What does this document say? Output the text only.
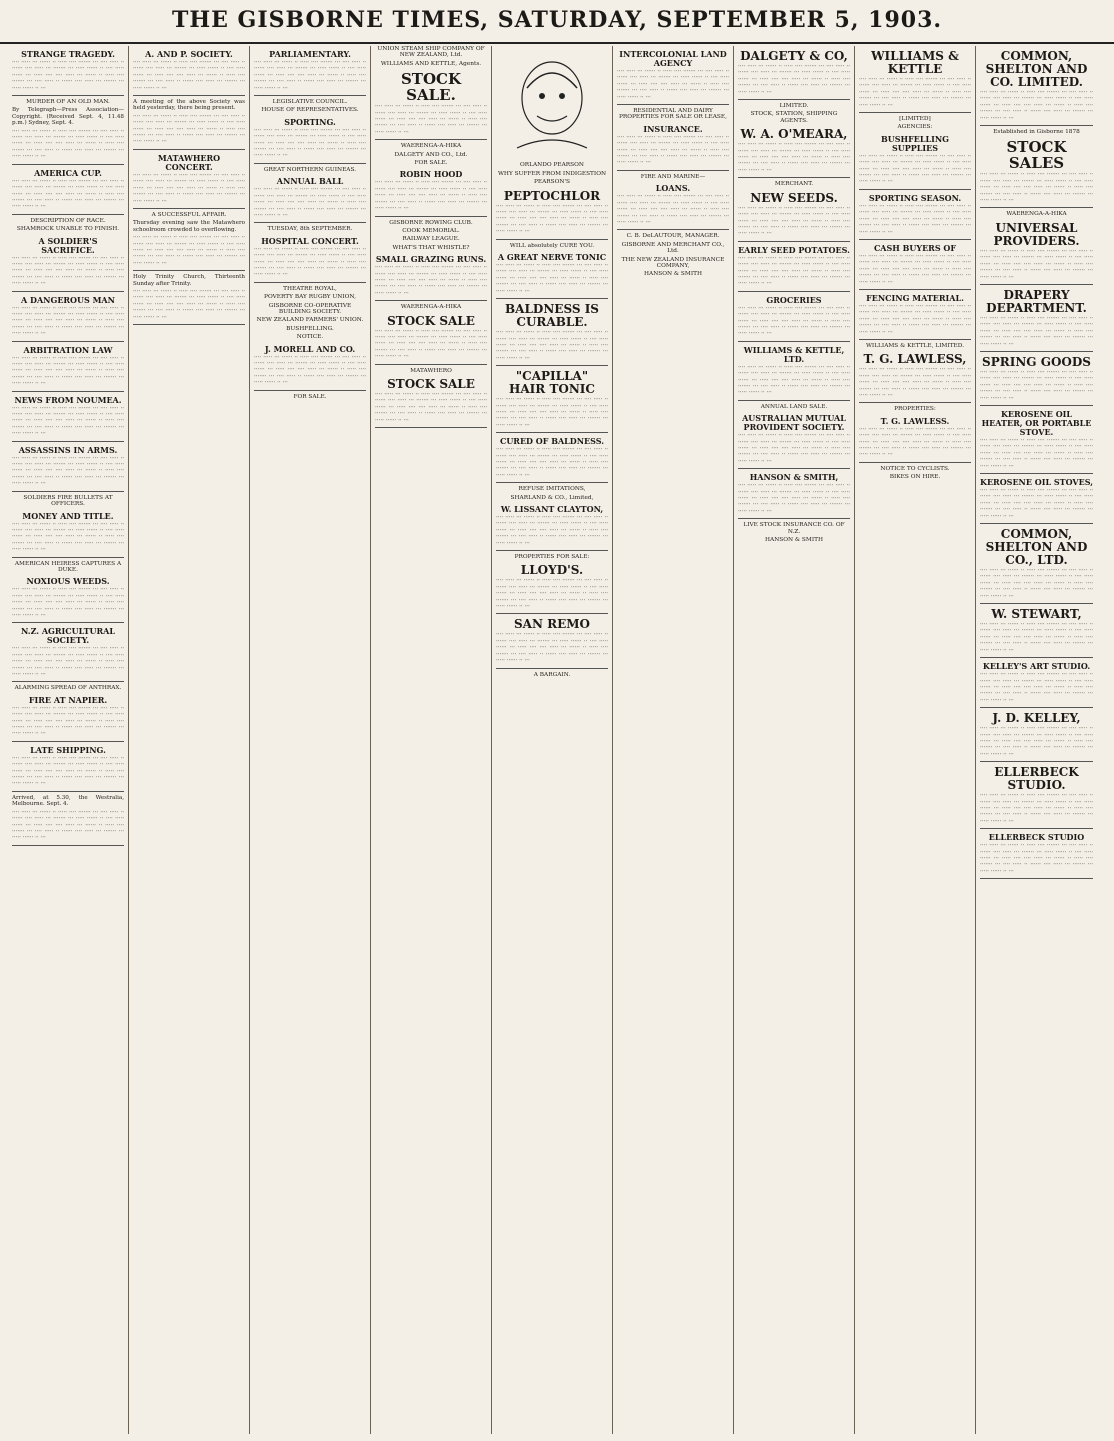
THE GISBORNE TIMES, SATURDAY, SEPTEMBER 5, 1903.
STRANGE TRAGEDY.
···· ····· ··· ······ ·· ····· ···· ······· ··· ···· ····· ·· ······ ···· ····· ··· ······· ··· ····· ······ ·· ···· ····· ······ ··· ····· ···· ···· ····· ··· ······ ·· ····· ···· ······· ··· ···· ····· ·· ······ ···· ····· ··· ······· ··· ····· ······ ·· ···
MURDER OF AN OLD MAN.
By Telegraph—Press Association—Copyright. (Received Sept. 4, 11.48 p.m.) Sydney, Sept. 4.
···· ····· ··· ······ ·· ····· ···· ······· ··· ···· ····· ·· ······ ···· ····· ··· ······· ··· ····· ······ ·· ···· ····· ······ ··· ····· ···· ···· ····· ··· ······ ·· ····· ···· ······· ··· ···· ····· ·· ······ ···· ····· ··· ······· ··· ····· ······ ·· ···
AMERICA CUP.
···· ····· ··· ······ ·· ····· ···· ······· ··· ···· ····· ·· ······ ···· ····· ··· ······· ··· ····· ······ ·· ···· ····· ······ ··· ····· ···· ···· ····· ··· ······ ·· ····· ···· ······· ··· ···· ····· ·· ······ ···· ····· ··· ······· ··· ····· ······ ·· ···
DESCRIPTION OF RACE.
SHAMROCK UNABLE TO FINISH.
A SOLDIER'S SACRIFICE.
···· ····· ··· ······ ·· ····· ···· ······· ··· ···· ····· ·· ······ ···· ····· ··· ······· ··· ····· ······ ·· ···· ····· ······ ··· ····· ···· ···· ····· ··· ······ ·· ····· ···· ······· ··· ···· ····· ·· ······ ···· ····· ··· ······· ··· ····· ······ ·· ···
A DANGEROUS MAN
···· ····· ··· ······ ·· ····· ···· ······· ··· ···· ····· ·· ······ ···· ····· ··· ······· ··· ····· ······ ·· ···· ····· ······ ··· ····· ···· ···· ····· ··· ······ ·· ····· ···· ······· ··· ···· ····· ·· ······ ···· ····· ··· ······· ··· ····· ······ ·· ···
ARBITRATION LAW
···· ····· ··· ······ ·· ····· ···· ······· ··· ···· ····· ·· ······ ···· ····· ··· ······· ··· ····· ······ ·· ···· ····· ······ ··· ····· ···· ···· ····· ··· ······ ·· ····· ···· ······· ··· ···· ····· ·· ······ ···· ····· ··· ······· ··· ····· ······ ·· ···
NEWS FROM NOUMEA.
···· ····· ··· ······ ·· ····· ···· ······· ··· ···· ····· ·· ······ ···· ····· ··· ······· ··· ····· ······ ·· ···· ····· ······ ··· ····· ···· ···· ····· ··· ······ ·· ····· ···· ······· ··· ···· ····· ·· ······ ···· ····· ··· ······· ··· ····· ······ ·· ···
ASSASSINS IN ARMS.
···· ····· ··· ······ ·· ····· ···· ······· ··· ···· ····· ·· ······ ···· ····· ··· ······· ··· ····· ······ ·· ···· ····· ······ ··· ····· ···· ···· ····· ··· ······ ·· ····· ···· ······· ··· ···· ····· ·· ······ ···· ····· ··· ······· ··· ····· ······ ·· ···
SOLDIERS FIRE BULLETS AT OFFICERS.
MONEY AND TITLE.
···· ····· ··· ······ ·· ····· ···· ······· ··· ···· ····· ·· ······ ···· ····· ··· ······· ··· ····· ······ ·· ···· ····· ······ ··· ····· ···· ···· ····· ··· ······ ·· ····· ···· ······· ··· ···· ····· ·· ······ ···· ····· ··· ······· ··· ····· ······ ·· ···
AMERICAN HEIRESS CAPTURES A DUKE.
NOXIOUS WEEDS.
···· ····· ··· ······ ·· ····· ···· ······· ··· ···· ····· ·· ······ ···· ····· ··· ······· ··· ····· ······ ·· ···· ····· ······ ··· ····· ···· ···· ····· ··· ······ ·· ····· ···· ······· ··· ···· ····· ·· ······ ···· ····· ··· ······· ··· ····· ······ ·· ···
N.Z. AGRICULTURAL SOCIETY.
···· ····· ··· ······ ·· ····· ···· ······· ··· ···· ····· ·· ······ ···· ····· ··· ······· ··· ····· ······ ·· ···· ····· ······ ··· ····· ···· ···· ····· ··· ······ ·· ····· ···· ······· ··· ···· ····· ·· ······ ···· ····· ··· ······· ··· ····· ······ ·· ···
ALARMING SPREAD OF ANTHRAX.
FIRE AT NAPIER.
···· ····· ··· ······ ·· ····· ···· ······· ··· ···· ····· ·· ······ ···· ····· ··· ······· ··· ····· ······ ·· ···· ····· ······ ··· ····· ···· ···· ····· ··· ······ ·· ····· ···· ······· ··· ···· ····· ·· ······ ···· ····· ··· ······· ··· ····· ······ ·· ···
LATE SHIPPING.
···· ····· ··· ······ ·· ····· ···· ······· ··· ···· ····· ·· ······ ···· ····· ··· ······· ··· ····· ······ ·· ···· ····· ······ ··· ····· ···· ···· ····· ··· ······ ·· ····· ···· ······· ··· ···· ····· ·· ······ ···· ····· ··· ······· ··· ····· ······ ·· ···
Arrived, at 5.30, the Westralia, Melbourne. Sept. 4.
···· ····· ··· ······ ·· ····· ···· ······· ··· ···· ····· ·· ······ ···· ····· ··· ······· ··· ····· ······ ·· ···· ····· ······ ··· ····· ···· ···· ····· ··· ······ ·· ····· ···· ······· ··· ···· ····· ·· ······ ···· ····· ··· ······· ··· ····· ······ ·· ···
A. AND P. SOCIETY.
···· ····· ··· ······ ·· ····· ···· ······· ··· ···· ····· ·· ······ ···· ····· ··· ······· ··· ····· ······ ·· ···· ····· ······ ··· ····· ···· ···· ····· ··· ······ ·· ····· ···· ······· ··· ···· ····· ·· ······ ···· ····· ··· ······· ··· ····· ······ ·· ···
A meeting of the above Society was held yesterday, there being present.
···· ····· ··· ······ ·· ····· ···· ······· ··· ···· ····· ·· ······ ···· ····· ··· ······· ··· ····· ······ ·· ···· ····· ······ ··· ····· ···· ···· ····· ··· ······ ·· ····· ···· ······· ··· ···· ····· ·· ······ ···· ····· ··· ······· ··· ····· ······ ·· ···
MATAWHERO CONCERT.
···· ····· ··· ······ ·· ····· ···· ······· ··· ···· ····· ·· ······ ···· ····· ··· ······· ··· ····· ······ ·· ···· ····· ······ ··· ····· ···· ···· ····· ··· ······ ·· ····· ···· ······· ··· ···· ····· ·· ······ ···· ····· ··· ······· ··· ····· ······ ·· ···
A SUCCESSFUL AFFAIR.
Thursday evening saw the Matawhero schoolroom crowded to overflowing.
···· ····· ··· ······ ·· ····· ···· ······· ··· ···· ····· ·· ······ ···· ····· ··· ······· ··· ····· ······ ·· ···· ····· ······ ··· ····· ···· ···· ····· ··· ······ ·· ····· ···· ······· ··· ···· ····· ·· ······ ···· ····· ··· ······· ··· ····· ······ ·· ···
Holy Trinity Church, Thirteenth Sunday after Trinity.
···· ····· ··· ······ ·· ····· ···· ······· ··· ···· ····· ·· ······ ···· ····· ··· ······· ··· ····· ······ ·· ···· ····· ······ ··· ····· ···· ···· ····· ··· ······ ·· ····· ···· ······· ··· ···· ····· ·· ······ ···· ····· ··· ······· ··· ····· ······ ·· ···
PARLIAMENTARY.
···· ····· ··· ······ ·· ····· ···· ······· ··· ···· ····· ·· ······ ···· ····· ··· ······· ··· ····· ······ ·· ···· ····· ······ ··· ····· ···· ···· ····· ··· ······ ·· ····· ···· ······· ··· ···· ····· ·· ······ ···· ····· ··· ······· ··· ····· ······ ·· ···
LEGISLATIVE COUNCIL.
HOUSE OF REPRESENTATIVES.
SPORTING.
···· ····· ··· ······ ·· ····· ···· ······· ··· ···· ····· ·· ······ ···· ····· ··· ······· ··· ····· ······ ·· ···· ····· ······ ··· ····· ···· ···· ····· ··· ······ ·· ····· ···· ······· ··· ···· ····· ·· ······ ···· ····· ··· ······· ··· ····· ······ ·· ···
GREAT NORTHERN GUINEAS.
ANNUAL BALL
···· ····· ··· ······ ·· ····· ···· ······· ··· ···· ····· ·· ······ ···· ····· ··· ······· ··· ····· ······ ·· ···· ····· ······ ··· ····· ···· ···· ····· ··· ······ ·· ····· ···· ······· ··· ···· ····· ·· ······ ···· ····· ··· ······· ··· ····· ······ ·· ···
TUESDAY, 8th SEPTEMBER.
HOSPITAL CONCERT.
···· ····· ··· ······ ·· ····· ···· ······· ··· ···· ····· ·· ······ ···· ····· ··· ······· ··· ····· ······ ·· ···· ····· ······ ··· ····· ···· ···· ····· ··· ······ ·· ····· ···· ······· ··· ···· ····· ·· ······ ···· ····· ··· ······· ··· ····· ······ ·· ···
THEATRE ROYAL,
POVERTY BAY RUGBY UNION,
GISBORNE CO-OPERATIVE BUILDING SOCIETY.
NEW ZEALAND FARMERS' UNION.
BUSHFELLING.
NOTICE.
J. MORELL AND CO.
···· ····· ··· ······ ·· ····· ···· ······· ··· ···· ····· ·· ······ ···· ····· ··· ······· ··· ····· ······ ·· ···· ····· ······ ··· ····· ···· ···· ····· ··· ······ ·· ····· ···· ······· ··· ···· ····· ·· ······ ···· ····· ··· ······· ··· ····· ······ ·· ···
FOR SALE.
UNION STEAM SHIP COMPANY OF NEW ZEALAND, Ltd.
WILLIAMS AND KETTLE, Agents.
STOCK SALE.
···· ····· ··· ······ ·· ····· ···· ······· ··· ···· ····· ·· ······ ···· ····· ··· ······· ··· ····· ······ ·· ···· ····· ······ ··· ····· ···· ···· ····· ··· ······ ·· ····· ···· ······· ··· ···· ····· ·· ······ ···· ····· ··· ······· ··· ····· ······ ·· ···
WAERENGA-A-HIKA
DALGETY AND CO., Ltd.
FOR SALE.
ROBIN HOOD
···· ····· ··· ······ ·· ····· ···· ······· ··· ···· ····· ·· ······ ···· ····· ··· ······· ··· ····· ······ ·· ···· ····· ······ ··· ····· ···· ···· ····· ··· ······ ·· ····· ···· ······· ··· ···· ····· ·· ······ ···· ····· ··· ······· ··· ····· ······ ·· ···
GISBORNE ROWING CLUB.
COOK MEMORIAL.
RAILWAY LEAGUE.
WHAT'S THAT WHISTLE?
SMALL GRAZING RUNS.
···· ····· ··· ······ ·· ····· ···· ······· ··· ···· ····· ·· ······ ···· ····· ··· ······· ··· ····· ······ ·· ···· ····· ······ ··· ····· ···· ···· ····· ··· ······ ·· ····· ···· ······· ··· ···· ····· ·· ······ ···· ····· ··· ······· ··· ····· ······ ·· ···
WAERENGA-A-HIKA
STOCK SALE
···· ····· ··· ······ ·· ····· ···· ······· ··· ···· ····· ·· ······ ···· ····· ··· ······· ··· ····· ······ ·· ···· ····· ······ ··· ····· ···· ···· ····· ··· ······ ·· ····· ···· ······· ··· ···· ····· ·· ······ ···· ····· ··· ······· ··· ····· ······ ·· ···
MATAWHERO
STOCK SALE
···· ····· ··· ······ ·· ····· ···· ······· ··· ···· ····· ·· ······ ···· ····· ··· ······· ··· ····· ······ ·· ···· ····· ······ ··· ····· ···· ···· ····· ··· ······ ·· ····· ···· ······· ··· ···· ····· ·· ······ ···· ····· ··· ······· ··· ····· ······ ·· ···
ORLANDO PEARSON
WHY SUFFER FROM INDIGESTION
PEARSON'S
PEPTOCHLOR
···· ····· ··· ······ ·· ····· ···· ······· ··· ···· ····· ·· ······ ···· ····· ··· ······· ··· ····· ······ ·· ···· ····· ······ ··· ····· ···· ···· ····· ··· ······ ·· ····· ···· ······· ··· ···· ····· ·· ······ ···· ····· ··· ······· ··· ····· ······ ·· ···
WILL absolutely CURE YOU.
A GREAT NERVE TONIC
···· ····· ··· ······ ·· ····· ···· ······· ··· ···· ····· ·· ······ ···· ····· ··· ······· ··· ····· ······ ·· ···· ····· ······ ··· ····· ···· ···· ····· ··· ······ ·· ····· ···· ······· ··· ···· ····· ·· ······ ···· ····· ··· ······· ··· ····· ······ ·· ···
BALDNESS IS CURABLE.
···· ····· ··· ······ ·· ····· ···· ······· ··· ···· ····· ·· ······ ···· ····· ··· ······· ··· ····· ······ ·· ···· ····· ······ ··· ····· ···· ···· ····· ··· ······ ·· ····· ···· ······· ··· ···· ····· ·· ······ ···· ····· ··· ······· ··· ····· ······ ·· ···
"CAPILLA" HAIR TONIC
···· ····· ··· ······ ·· ····· ···· ······· ··· ···· ····· ·· ······ ···· ····· ··· ······· ··· ····· ······ ·· ···· ····· ······ ··· ····· ···· ···· ····· ··· ······ ·· ····· ···· ······· ··· ···· ····· ·· ······ ···· ····· ··· ······· ··· ····· ······ ·· ···
CURED OF BALDNESS.
···· ····· ··· ······ ·· ····· ···· ······· ··· ···· ····· ·· ······ ···· ····· ··· ······· ··· ····· ······ ·· ···· ····· ······ ··· ····· ···· ···· ····· ··· ······ ·· ····· ···· ······· ··· ···· ····· ·· ······ ···· ····· ··· ······· ··· ····· ······ ·· ···
REFUSE IMITATIONS,
SHARLAND & CO., Limited,
W. LISSANT CLAYTON,
···· ····· ··· ······ ·· ····· ···· ······· ··· ···· ····· ·· ······ ···· ····· ··· ······· ··· ····· ······ ·· ···· ····· ······ ··· ····· ···· ···· ····· ··· ······ ·· ····· ···· ······· ··· ···· ····· ·· ······ ···· ····· ··· ······· ··· ····· ······ ·· ···
PROPERTIES FOR SALE:
LLOYD'S.
···· ····· ··· ······ ·· ····· ···· ······· ··· ···· ····· ·· ······ ···· ····· ··· ······· ··· ····· ······ ·· ···· ····· ······ ··· ····· ···· ···· ····· ··· ······ ·· ····· ···· ······· ··· ···· ····· ·· ······ ···· ····· ··· ······· ··· ····· ······ ·· ···
SAN REMO
···· ····· ··· ······ ·· ····· ···· ······· ··· ···· ····· ·· ······ ···· ····· ··· ······· ··· ····· ······ ·· ···· ····· ······ ··· ····· ···· ···· ····· ··· ······ ·· ····· ···· ······· ··· ···· ····· ·· ······ ···· ····· ··· ······· ··· ····· ······ ·· ···
A BARGAIN.
INTERCOLONIAL LAND AGENCY
···· ····· ··· ······ ·· ····· ···· ······· ··· ···· ····· ·· ······ ···· ····· ··· ······· ··· ····· ······ ·· ···· ····· ······ ··· ····· ···· ···· ····· ··· ······ ·· ····· ···· ······· ··· ···· ····· ·· ······ ···· ····· ··· ······· ··· ····· ······ ·· ···
RESIDENTIAL AND DAIRY PROPERTIES FOR SALE OR LEASE,
INSURANCE.
···· ····· ··· ······ ·· ····· ···· ······· ··· ···· ····· ·· ······ ···· ····· ··· ······· ··· ····· ······ ·· ···· ····· ······ ··· ····· ···· ···· ····· ··· ······ ·· ····· ···· ······· ··· ···· ····· ·· ······ ···· ····· ··· ······· ··· ····· ······ ·· ···
FIRE AND MARINE—
LOANS.
···· ····· ··· ······ ·· ····· ···· ······· ··· ···· ····· ·· ······ ···· ····· ··· ······· ··· ····· ······ ·· ···· ····· ······ ··· ····· ···· ···· ····· ··· ······ ·· ····· ···· ······· ··· ···· ····· ·· ······ ···· ····· ··· ······· ··· ····· ······ ·· ···
C. B. DeLAUTOUR, MANAGER.
GISBORNE AND MERCHANT CO., Ltd.
THE NEW ZEALAND INSURANCE COMPANY,
HANSON & SMITH
DALGETY & CO,
···· ····· ··· ······ ·· ····· ···· ······· ··· ···· ····· ·· ······ ···· ····· ··· ······· ··· ····· ······ ·· ···· ····· ······ ··· ····· ···· ···· ····· ··· ······ ·· ····· ···· ······· ··· ···· ····· ·· ······ ···· ····· ··· ······· ··· ····· ······ ·· ···
LIMITED.
STOCK, STATION, SHIPPING AGENTS.
W. A. O'MEARA,
···· ····· ··· ······ ·· ····· ···· ······· ··· ···· ····· ·· ······ ···· ····· ··· ······· ··· ····· ······ ·· ···· ····· ······ ··· ····· ···· ···· ····· ··· ······ ·· ····· ···· ······· ··· ···· ····· ·· ······ ···· ····· ··· ······· ··· ····· ······ ·· ···
MERCHANT.
NEW SEEDS.
···· ····· ··· ······ ·· ····· ···· ······· ··· ···· ····· ·· ······ ···· ····· ··· ······· ··· ····· ······ ·· ···· ····· ······ ··· ····· ···· ···· ····· ··· ······ ·· ····· ···· ······· ··· ···· ····· ·· ······ ···· ····· ··· ······· ··· ····· ······ ·· ···
EARLY SEED POTATOES.
···· ····· ··· ······ ·· ····· ···· ······· ··· ···· ····· ·· ······ ···· ····· ··· ······· ··· ····· ······ ·· ···· ····· ······ ··· ····· ···· ···· ····· ··· ······ ·· ····· ···· ······· ··· ···· ····· ·· ······ ···· ····· ··· ······· ··· ····· ······ ·· ···
GROCERIES
···· ····· ··· ······ ·· ····· ···· ······· ··· ···· ····· ·· ······ ···· ····· ··· ······· ··· ····· ······ ·· ···· ····· ······ ··· ····· ···· ···· ····· ··· ······ ·· ····· ···· ······· ··· ···· ····· ·· ······ ···· ····· ··· ······· ··· ····· ······ ·· ···
WILLIAMS & KETTLE, LTD.
···· ····· ··· ······ ·· ····· ···· ······· ··· ···· ····· ·· ······ ···· ····· ··· ······· ··· ····· ······ ·· ···· ····· ······ ··· ····· ···· ···· ····· ··· ······ ·· ····· ···· ······· ··· ···· ····· ·· ······ ···· ····· ··· ······· ··· ····· ······ ·· ···
ANNUAL LAND SALE.
AUSTRALIAN MUTUAL PROVIDENT SOCIETY.
···· ····· ··· ······ ·· ····· ···· ······· ··· ···· ····· ·· ······ ···· ····· ··· ······· ··· ····· ······ ·· ···· ····· ······ ··· ····· ···· ···· ····· ··· ······ ·· ····· ···· ······· ··· ···· ····· ·· ······ ···· ····· ··· ······· ··· ····· ······ ·· ···
HANSON & SMITH,
···· ····· ··· ······ ·· ····· ···· ······· ··· ···· ····· ·· ······ ···· ····· ··· ······· ··· ····· ······ ·· ···· ····· ······ ··· ····· ···· ···· ····· ··· ······ ·· ····· ···· ······· ··· ···· ····· ·· ······ ···· ····· ··· ······· ··· ····· ······ ·· ···
LIVE STOCK INSURANCE CO. OF N.Z.
HANSON & SMITH
WILLIAMS & KETTLE
···· ····· ··· ······ ·· ····· ···· ······· ··· ···· ····· ·· ······ ···· ····· ··· ······· ··· ····· ······ ·· ···· ····· ······ ··· ····· ···· ···· ····· ··· ······ ·· ····· ···· ······· ··· ···· ····· ·· ······ ···· ····· ··· ······· ··· ····· ······ ·· ···
[LIMITED]
AGENCIES:
BUSHFELLING SUPPLIES
···· ····· ··· ······ ·· ····· ···· ······· ··· ···· ····· ·· ······ ···· ····· ··· ······· ··· ····· ······ ·· ···· ····· ······ ··· ····· ···· ···· ····· ··· ······ ·· ····· ···· ······· ··· ···· ····· ·· ······ ···· ····· ··· ······· ··· ····· ······ ·· ···
SPORTING SEASON.
···· ····· ··· ······ ·· ····· ···· ······· ··· ···· ····· ·· ······ ···· ····· ··· ······· ··· ····· ······ ·· ···· ····· ······ ··· ····· ···· ···· ····· ··· ······ ·· ····· ···· ······· ··· ···· ····· ·· ······ ···· ····· ··· ······· ··· ····· ······ ·· ···
CASH BUYERS OF
···· ····· ··· ······ ·· ····· ···· ······· ··· ···· ····· ·· ······ ···· ····· ··· ······· ··· ····· ······ ·· ···· ····· ······ ··· ····· ···· ···· ····· ··· ······ ·· ····· ···· ······· ··· ···· ····· ·· ······ ···· ····· ··· ······· ··· ····· ······ ·· ···
FENCING MATERIAL.
···· ····· ··· ······ ·· ····· ···· ······· ··· ···· ····· ·· ······ ···· ····· ··· ······· ··· ····· ······ ·· ···· ····· ······ ··· ····· ···· ···· ····· ··· ······ ·· ····· ···· ······· ··· ···· ····· ·· ······ ···· ····· ··· ······· ··· ····· ······ ·· ···
WILLIAMS & KETTLE, LIMITED.
T. G. LAWLESS,
···· ····· ··· ······ ·· ····· ···· ······· ··· ···· ····· ·· ······ ···· ····· ··· ······· ··· ····· ······ ·· ···· ····· ······ ··· ····· ···· ···· ····· ··· ······ ·· ····· ···· ······· ··· ···· ····· ·· ······ ···· ····· ··· ······· ··· ····· ······ ·· ···
PROPERTIES:
T. G. LAWLESS.
···· ····· ··· ······ ·· ····· ···· ······· ··· ···· ····· ·· ······ ···· ····· ··· ······· ··· ····· ······ ·· ···· ····· ······ ··· ····· ···· ···· ····· ··· ······ ·· ····· ···· ······· ··· ···· ····· ·· ······ ···· ····· ··· ······· ··· ····· ······ ·· ···
NOTICE TO CYCLISTS.
BIKES ON HIRE.
COMMON, SHELTON AND CO. LIMITED.
···· ····· ··· ······ ·· ····· ···· ······· ··· ···· ····· ·· ······ ···· ····· ··· ······· ··· ····· ······ ·· ···· ····· ······ ··· ····· ···· ···· ····· ··· ······ ·· ····· ···· ······· ··· ···· ····· ·· ······ ···· ····· ··· ······· ··· ····· ······ ·· ···
Established in Gisborne 1878
STOCK SALES
···· ····· ··· ······ ·· ····· ···· ······· ··· ···· ····· ·· ······ ···· ····· ··· ······· ··· ····· ······ ·· ···· ····· ······ ··· ····· ···· ···· ····· ··· ······ ·· ····· ···· ······· ··· ···· ····· ·· ······ ···· ····· ··· ······· ··· ····· ······ ·· ···
WAERENGA-A-HIKA
UNIVERSAL PROVIDERS.
···· ····· ··· ······ ·· ····· ···· ······· ··· ···· ····· ·· ······ ···· ····· ··· ······· ··· ····· ······ ·· ···· ····· ······ ··· ····· ···· ···· ····· ··· ······ ·· ····· ···· ······· ··· ···· ····· ·· ······ ···· ····· ··· ······· ··· ····· ······ ·· ···
DRAPERY DEPARTMENT.
···· ····· ··· ······ ·· ····· ···· ······· ··· ···· ····· ·· ······ ···· ····· ··· ······· ··· ····· ······ ·· ···· ····· ······ ··· ····· ···· ···· ····· ··· ······ ·· ····· ···· ······· ··· ···· ····· ·· ······ ···· ····· ··· ······· ··· ····· ······ ·· ···
SPRING GOODS
···· ····· ··· ······ ·· ····· ···· ······· ··· ···· ····· ·· ······ ···· ····· ··· ······· ··· ····· ······ ·· ···· ····· ······ ··· ····· ···· ···· ····· ··· ······ ·· ····· ···· ······· ··· ···· ····· ·· ······ ···· ····· ··· ······· ··· ····· ······ ·· ···
KEROSENE OIL HEATER, OR PORTABLE STOVE.
···· ····· ··· ······ ·· ····· ···· ······· ··· ···· ····· ·· ······ ···· ····· ··· ······· ··· ····· ······ ·· ···· ····· ······ ··· ····· ···· ···· ····· ··· ······ ·· ····· ···· ······· ··· ···· ····· ·· ······ ···· ····· ··· ······· ··· ····· ······ ·· ···
KEROSENE OIL STOVES,
···· ····· ··· ······ ·· ····· ···· ······· ··· ···· ····· ·· ······ ···· ····· ··· ······· ··· ····· ······ ·· ···· ····· ······ ··· ····· ···· ···· ····· ··· ······ ·· ····· ···· ······· ··· ···· ····· ·· ······ ···· ····· ··· ······· ··· ····· ······ ·· ···
COMMON, SHELTON AND CO., LTD.
···· ····· ··· ······ ·· ····· ···· ······· ··· ···· ····· ·· ······ ···· ····· ··· ······· ··· ····· ······ ·· ···· ····· ······ ··· ····· ···· ···· ····· ··· ······ ·· ····· ···· ······· ··· ···· ····· ·· ······ ···· ····· ··· ······· ··· ····· ······ ·· ···
W. STEWART,
···· ····· ··· ······ ·· ····· ···· ······· ··· ···· ····· ·· ······ ···· ····· ··· ······· ··· ····· ······ ·· ···· ····· ······ ··· ····· ···· ···· ····· ··· ······ ·· ····· ···· ······· ··· ···· ····· ·· ······ ···· ····· ··· ······· ··· ····· ······ ·· ···
KELLEY'S ART STUDIO.
···· ····· ··· ······ ·· ····· ···· ······· ··· ···· ····· ·· ······ ···· ····· ··· ······· ··· ····· ······ ·· ···· ····· ······ ··· ····· ···· ···· ····· ··· ······ ·· ····· ···· ······· ··· ···· ····· ·· ······ ···· ····· ··· ······· ··· ····· ······ ·· ···
J. D. KELLEY,
···· ····· ··· ······ ·· ····· ···· ······· ··· ···· ····· ·· ······ ···· ····· ··· ······· ··· ····· ······ ·· ···· ····· ······ ··· ····· ···· ···· ····· ··· ······ ·· ····· ···· ······· ··· ···· ····· ·· ······ ···· ····· ··· ······· ··· ····· ······ ·· ···
ELLERBECK STUDIO.
···· ····· ··· ······ ·· ····· ···· ······· ··· ···· ····· ·· ······ ···· ····· ··· ······· ··· ····· ······ ·· ···· ····· ······ ··· ····· ···· ···· ····· ··· ······ ·· ····· ···· ······· ··· ···· ····· ·· ······ ···· ····· ··· ······· ··· ····· ······ ·· ···
ELLERBECK STUDIO
···· ····· ··· ······ ·· ····· ···· ······· ··· ···· ····· ·· ······ ···· ····· ··· ······· ··· ····· ······ ·· ···· ····· ······ ··· ····· ···· ···· ····· ··· ······ ·· ····· ···· ······· ··· ···· ····· ·· ······ ···· ····· ··· ······· ··· ····· ······ ·· ···
